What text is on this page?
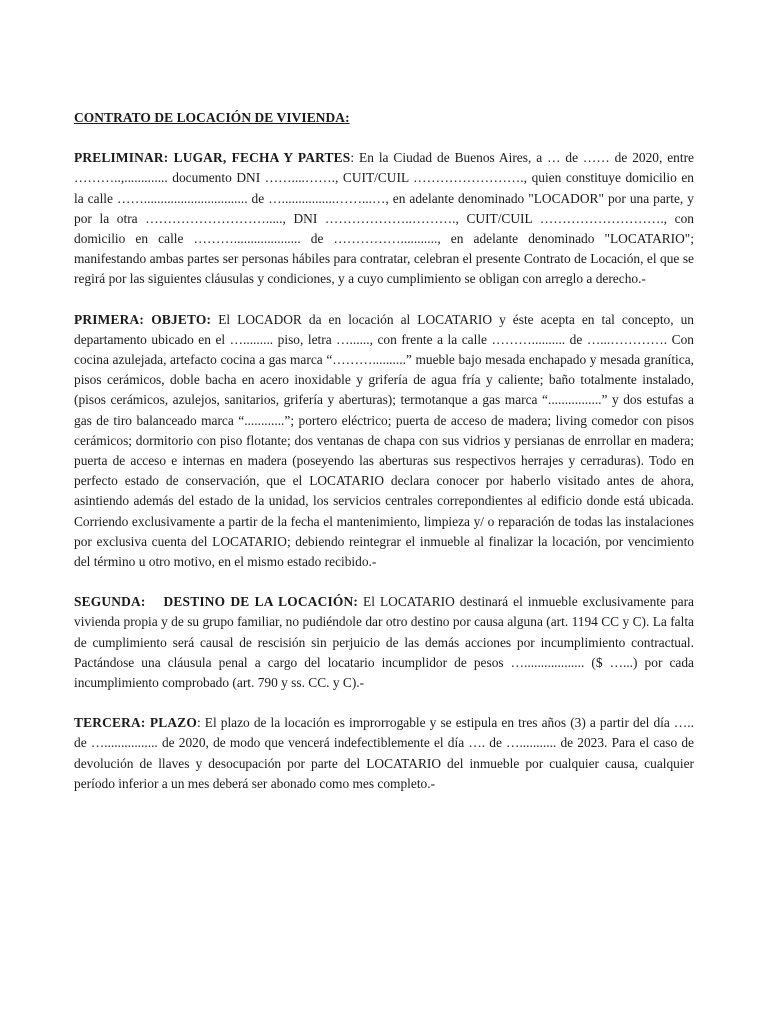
CONTRATO DE LOCACIÓN DE VIVIENDA:

PRELIMINAR: LUGAR, FECHA Y PARTES: En la Ciudad de Buenos Aires, a … de …… de 2020, entre ………..,............. documento DNI ……....……., CUIT/CUIL ……………………., quien constituye domicilio en la calle ……............................... de …................……...…, en adelante denominado "LOCADOR" por una parte, y por la otra ………………………....., DNI ………………..………., CUIT/CUIL ………………………., con domicilio en calle ……….................... de ……………..........., en adelante denominado "LOCATARIO"; manifestando ambas partes ser personas hábiles para contratar, celebran el presente Contrato de Locación, el que se regirá por las siguientes cláusulas y condiciones, y a cuyo cumplimiento se obligan con arreglo a derecho.-

PRIMERA: OBJETO: El LOCADOR da en locación al LOCATARIO y éste acepta en tal concepto, un departamento ubicado en el …......... piso, letra …......, con frente a la calle ……….......... de …...…………. Con cocina azulejada, artefacto cocina a gas marca “………..........” mueble bajo mesada enchapado y mesada granítica, pisos cerámicos, doble bacha en acero inoxidable y grifería de agua fría y caliente; baño totalmente instalado, (pisos cerámicos, azulejos, sanitarios, grifería y aberturas); termotanque a gas marca “................” y dos estufas a gas de tiro balanceado marca “............”; portero eléctrico; puerta de acceso de madera; living comedor con pisos cerámicos; dormitorio con piso flotante; dos ventanas de chapa con sus vidrios y persianas de enrrollar en madera; puerta de acceso e internas en madera (poseyendo las aberturas sus respectivos herrajes y cerraduras). Todo en perfecto estado de conservación, que el LOCATARIO declara conocer por haberlo visitado antes de ahora, asintiendo además del estado de la unidad, los servicios centrales correpondientes al edificio donde está ubicada. Corriendo exclusivamente a partir de la fecha el mantenimiento, limpieza y/ o reparación de todas las instalaciones por exclusiva cuenta del LOCATARIO; debiendo reintegrar el inmueble al finalizar la locación, por vencimiento del término u otro motivo, en el mismo estado recibido.-

SEGUNDA: DESTINO DE LA LOCACIÓN: El LOCATARIO destinará el inmueble exclusivamente para vivienda propia y de su grupo familiar, no pudiéndole dar otro destino por causa alguna (art. 1194 CC y C). La falta de cumplimiento será causal de rescisión sin perjuicio de las demás acciones por incumplimiento contractual. Pactándose una cláusula penal a cargo del locatario incumplidor de pesos ….................. ($ …...) por cada incumplimiento comprobado (art. 790 y ss. CC. y C).-

TERCERA: PLAZO: El plazo de la locación es improrrogable y se estipula en tres años (3) a partir del día ….. de …................ de 2020, de modo que vencerá indefectiblemente el día …. de …........... de 2023. Para el caso de devolución de llaves y desocupación por parte del LOCATARIO del inmueble por cualquier causa, cualquier período inferior a un mes deberá ser abonado como mes completo.-
